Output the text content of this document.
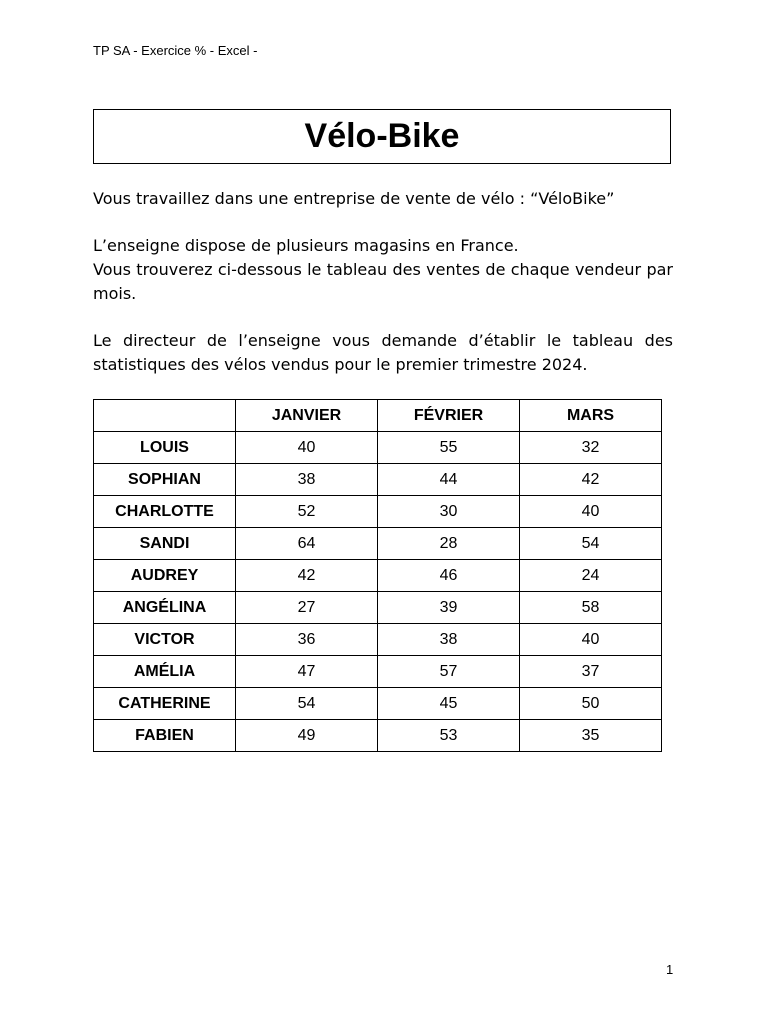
TP SA - Exercice % - Excel -
Vélo-Bike

Vous travaillez dans une entreprise de vente de vélo : “VéloBike”

L’enseigne dispose de plusieurs magasins en France.

Vous trouverez ci-dessous le tableau des ventes de chaque vendeur par mois.

Le directeur de l’enseigne vous demande d’établir le tableau des statistiques des vélos vendus pour le premier trimestre 2024.

	JANVIER	FÉVRIER	MARS
LOUIS	40	55	32
SOPHIAN	38	44	42
CHARLOTTE	52	30	40
SANDI	64	28	54
AUDREY	42	46	24
ANGÉLINA	27	39	58
VICTOR	36	38	40
AMÉLIA	47	57	37
CATHERINE	54	45	50
FABIEN	49	53	35
1
